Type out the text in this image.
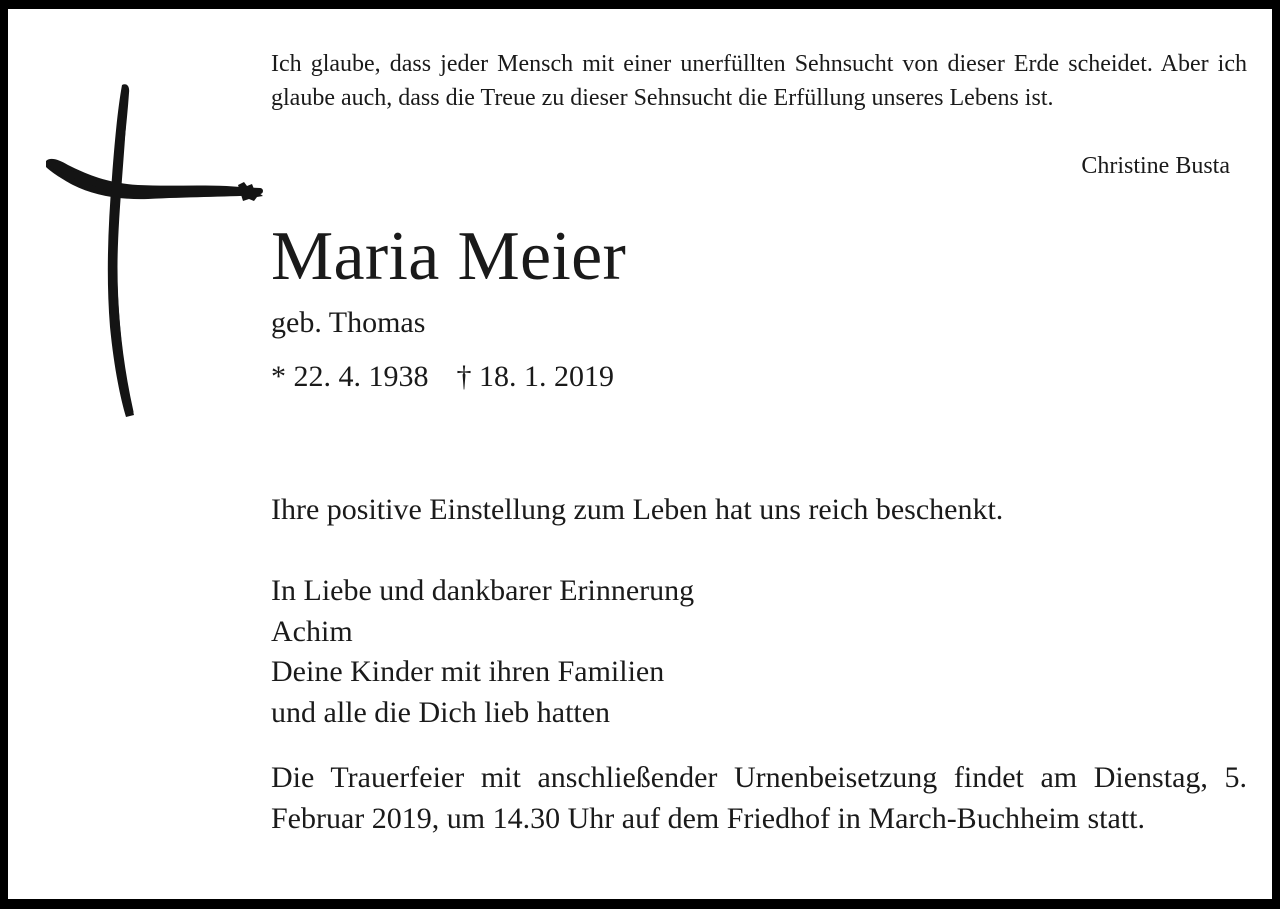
Ich glaube, dass jeder Mensch mit einer unerfüllten Sehnsucht von dieser Erde scheidet. Aber ich glaube auch, dass die Treue zu dieser Sehnsucht die Erfüllung unseres Lebens ist.

Christine Busta

Maria Meier

geb. Thomas

* 22. 4. 1938 † 18. 1. 2019

Ihre positive Einstellung zum Leben hat uns reich beschenkt.

In Liebe und dankbarer Erinnerung
Achim
Deine Kinder mit ihren Familien
und alle die Dich lieb hatten

Die Trauerfeier mit anschließender Urnenbeisetzung findet am Dienstag, 5. Februar 2019, um 14.30 Uhr auf dem Friedhof in March-Buchheim statt.
